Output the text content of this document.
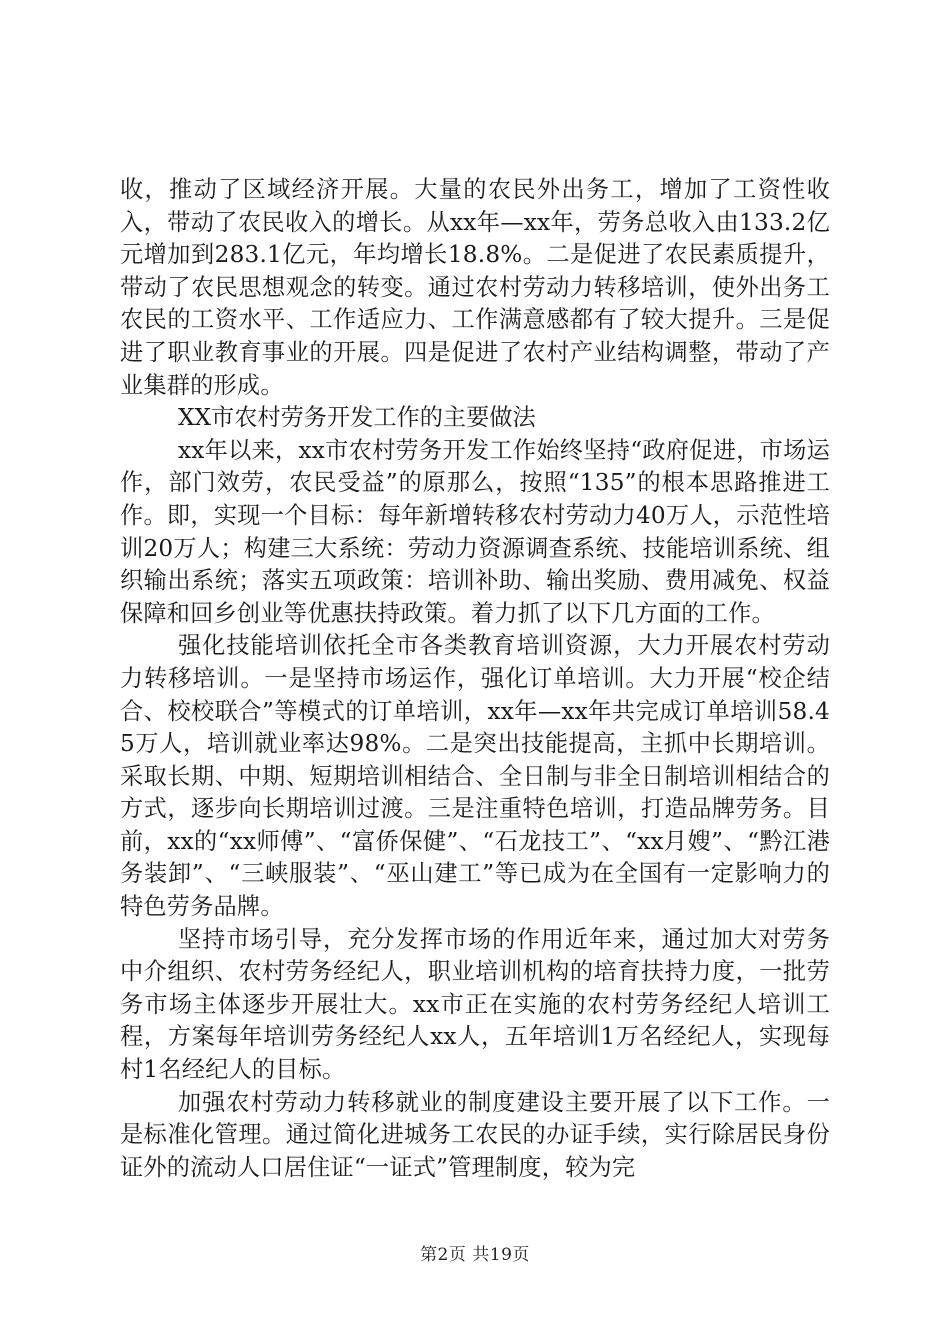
收，推动了区域经济开展。大量的农民外出务工，增加了工资性收入，带动了农民收入的增长。从xx年—xx年，劳务总收入由133.2亿元增加到283.1亿元，年均增长18.8%。二是促进了农民素质提升，带动了农民思想观念的转变。通过农村劳动力转移培训，使外出务工农民的工资水平、工作适应力、工作满意感都有了较大提升。三是促进了职业教育事业的开展。四是促进了农村产业结构调整，带动了产业集群的形成。

XX市农村劳务开发工作的主要做法

xx年以来，xx市农村劳务开发工作始终坚持“政府促进，市场运作，部门效劳，农民受益”的原那么，按照“135”的根本思路推进工作。即，实现一个目标：每年新增转移农村劳动力40万人，示范性培训20万人；构建三大系统：劳动力资源调查系统、技能培训系统、组织输出系统；落实五项政策：培训补助、输出奖励、费用减免、权益保障和回乡创业等优惠扶持政策。着力抓了以下几方面的工作。

强化技能培训依托全市各类教育培训资源，大力开展农村劳动力转移培训。一是坚持市场运作，强化订单培训。大力开展“校企结合、校校联合”等模式的订单培训，xx年—xx年共完成订单培训58.45万人，培训就业率达98%。二是突出技能提高，主抓中长期培训。采取长期、中期、短期培训相结合、全日制与非全日制培训相结合的方式，逐步向长期培训过渡。三是注重特色培训，打造品牌劳务。目前，xx的“xx师傅”、“富侨保健”、“石龙技工”、“xx月嫂”、“黔江港务装卸”、“三峡服装”、“巫山建工”等已成为在全国有一定影响力的特色劳务品牌。

坚持市场引导，充分发挥市场的作用近年来，通过加大对劳务中介组织、农村劳务经纪人，职业培训机构的培育扶持力度，一批劳务市场主体逐步开展壮大。xx市正在实施的农村劳务经纪人培训工程，方案每年培训劳务经纪人xx人，五年培训1万名经纪人，实现每村1名经纪人的目标。

加强农村劳动力转移就业的制度建设主要开展了以下工作。一是标准化管理。通过简化进城务工农民的办证手续，实行除居民身份证外的流动人口居住证“一证式”管理制度，较为完

第2页 共19页
